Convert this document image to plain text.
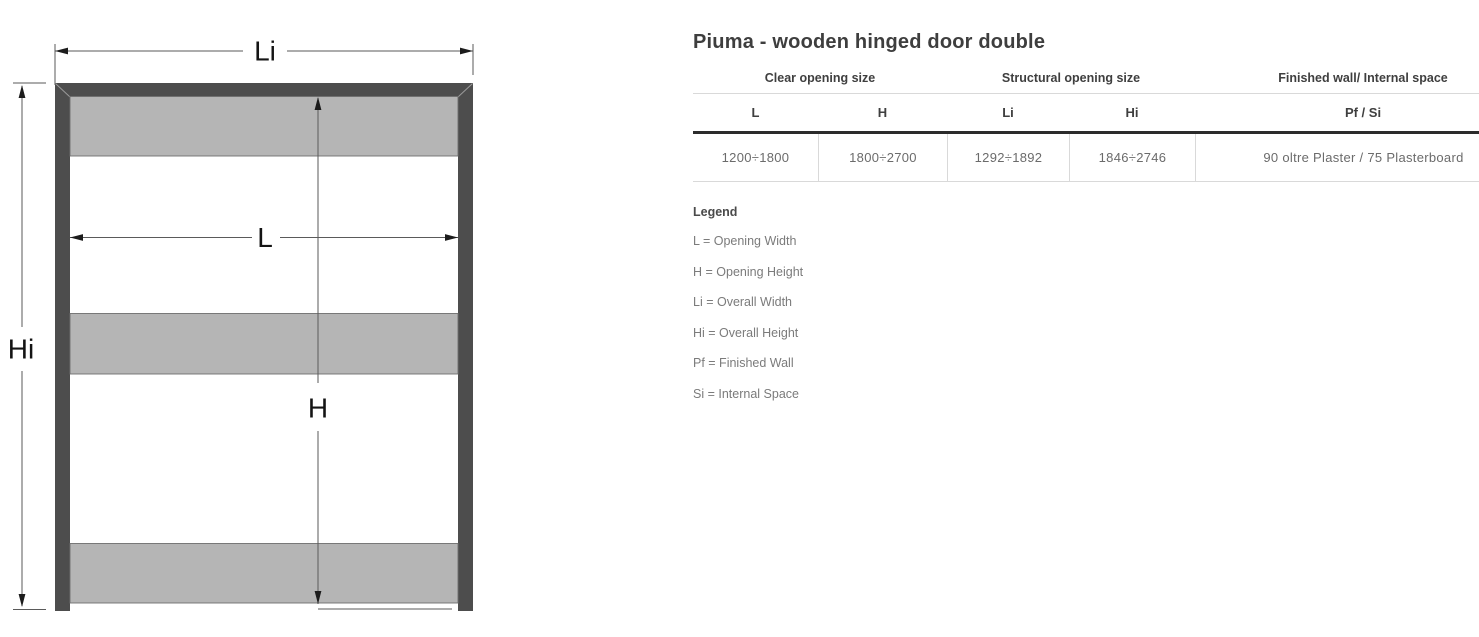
Li
Hi
L
H
Piuma - wooden hinged door double
Clear opening size	Structural opening size	Finished wall/ Internal space
L	H	Li	Hi	Pf / Si
1200÷1800	1800÷2700	1292÷1892	1846÷2746	90 oltre Plaster / 75 Plasterboard
Legend
L = Opening Width
H = Opening Height
Li = Overall Width
Hi = Overall Height
Pf = Finished Wall
Si = Internal Space
